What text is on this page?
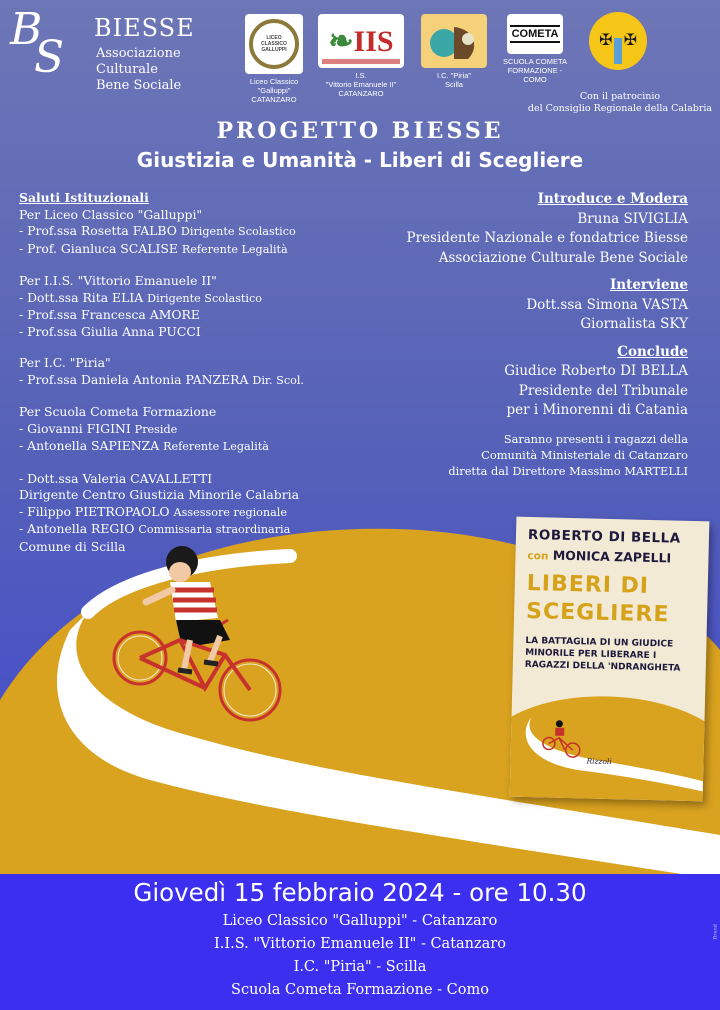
B
S
BIESSE
Associazione Culturale
Bene Sociale
LICEO CLASSICO GALLUPPI
Liceo Classico
"Galluppi"
CATANZARO
❧IIS
I.S.
"Vittorio Emanuele II"
CATANZARO
I.C. "Piria"
Scilla
COMETA
SCUOLA COMETA
FORMAZIONE - COMO
✠ ✠
Con il patrocinio
del Consiglio Regionale della Calabria
PROGETTO BIESSE
Giustizia e Umanità - Liberi di Scegliere
Saluti Istituzionali
Per Liceo Classico "Galluppi"
- Prof.ssa Rosetta FALBO Dirigente Scolastico
- Prof. Gianluca SCALISE Referente Legalità
Per I.I.S. "Vittorio Emanuele II"
- Dott.ssa Rita ELIA Dirigente Scolastico
- Prof.ssa Francesca AMORE
- Prof.ssa Giulia Anna PUCCI
Per I.C. "Piria"
- Prof.ssa Daniela Antonia PANZERA Dir. Scol.
Per Scuola Cometa Formazione
- Giovanni FIGINI Preside
- Antonella SAPIENZA Referente Legalità
- Dott.ssa Valeria CAVALLETTI
Dirigente Centro Giustizia Minorile Calabria
- Filippo PIETROPAOLO Assessore regionale
- Antonella REGIO Commissaria straordinaria
Comune di Scilla
Introduce e Modera
Bruna SIVIGLIA
Presidente Nazionale e fondatrice Biesse
Associazione Culturale Bene Sociale
Interviene
Dott.ssa Simona VASTA
Giornalista SKY
Conclude
Giudice Roberto DI BELLA
Presidente del Tribunale
per i Minorenni di Catania
Saranno presenti i ragazzi della
Comunità Ministeriale di Catanzaro
diretta dal Direttore Massimo MARTELLI
ROBERTO DI BELLA
con MONICA ZAPELLI
LIBERI DI
SCEGLIERE
LA BATTAGLIA DI UN GIUDICE MINORILE PER LIBERARE I RAGAZZI DELLA 'NDRANGHETA
Rizzoli
Giovedì 15 febbraio 2024 - ore 10.30
Liceo Classico "Galluppi" - Catanzaro
I.I.S. "Vittorio Emanuele II" - Catanzaro
I.C. "Piria" - Scilla
Scuola Cometa Formazione - Como
Brand
